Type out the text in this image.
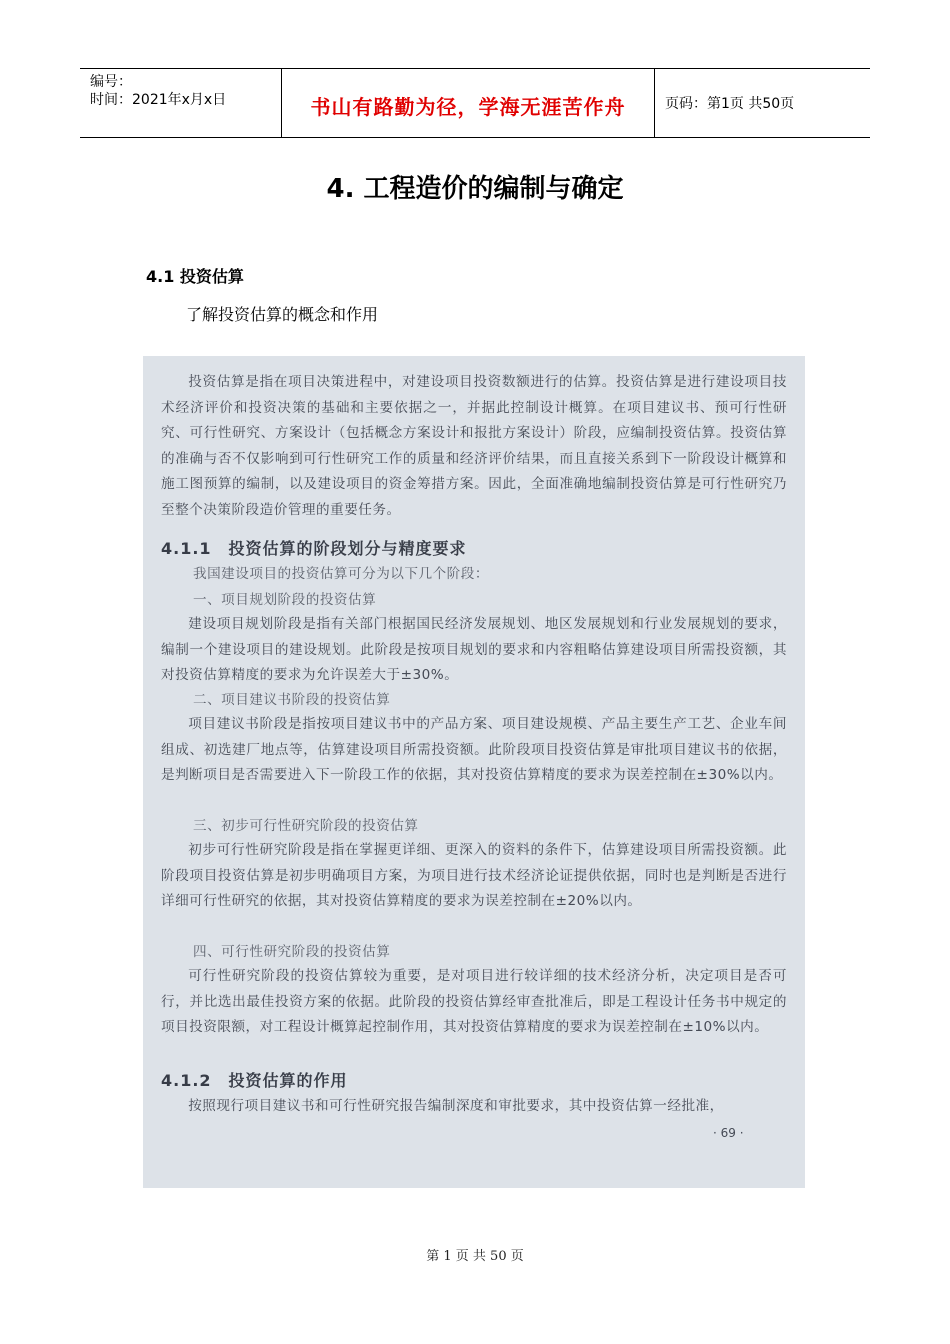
编号：
时间：2021年x月x日	书山有路勤为径，学海无涯苦作舟	页码：第1页 共50页
4. 工程造价的编制与确定
4.1 投资估算
了解投资估算的概念和作用

投资估算是指在项目决策进程中，对建设项目投资数额进行的估算。投资估算是进行建设项目技术经济评价和投资决策的基础和主要依据之一，并据此控制设计概算。在项目建议书、预可行性研究、可行性研究、方案设计（包括概念方案设计和报批方案设计）阶段，应编制投资估算。投资估算的准确与否不仅影响到可行性研究工作的质量和经济评价结果，而且直接关系到下一阶段设计概算和施工图预算的编制，以及建设项目的资金筹措方案。因此，全面准确地编制投资估算是可行性研究乃至整个决策阶段造价管理的重要任务。

4.1.1　投资估算的阶段划分与精度要求
我国建设项目的投资估算可分为以下几个阶段：
一、项目规划阶段的投资估算

建设项目规划阶段是指有关部门根据国民经济发展规划、地区发展规划和行业发展规划的要求，编制一个建设项目的建设规划。此阶段是按项目规划的要求和内容粗略估算建设项目所需投资额，其对投资估算精度的要求为允许误差大于±30%。

二、项目建议书阶段的投资估算

项目建议书阶段是指按项目建议书中的产品方案、项目建设规模、产品主要生产工艺、企业车间组成、初选建厂地点等，估算建设项目所需投资额。此阶段项目投资估算是审批项目建议书的依据，是判断项目是否需要进入下一阶段工作的依据，其对投资估算精度的要求为误差控制在±30%以内。

三、初步可行性研究阶段的投资估算

初步可行性研究阶段是指在掌握更详细、更深入的资料的条件下，估算建设项目所需投资额。此阶段项目投资估算是初步明确项目方案，为项目进行技术经济论证提供依据，同时也是判断是否进行详细可行性研究的依据，其对投资估算精度的要求为误差控制在±20%以内。

四、可行性研究阶段的投资估算

可行性研究阶段的投资估算较为重要，是对项目进行较详细的技术经济分析，决定项目是否可行，并比选出最佳投资方案的依据。此阶段的投资估算经审查批准后，即是工程设计任务书中规定的项目投资限额，对工程设计概算起控制作用，其对投资估算精度的要求为误差控制在±10%以内。

4.1.2　投资估算的作用

按照现行项目建议书和可行性研究报告编制深度和审批要求，其中投资估算一经批准，

· 69 ·
第 1 页 共 50 页
